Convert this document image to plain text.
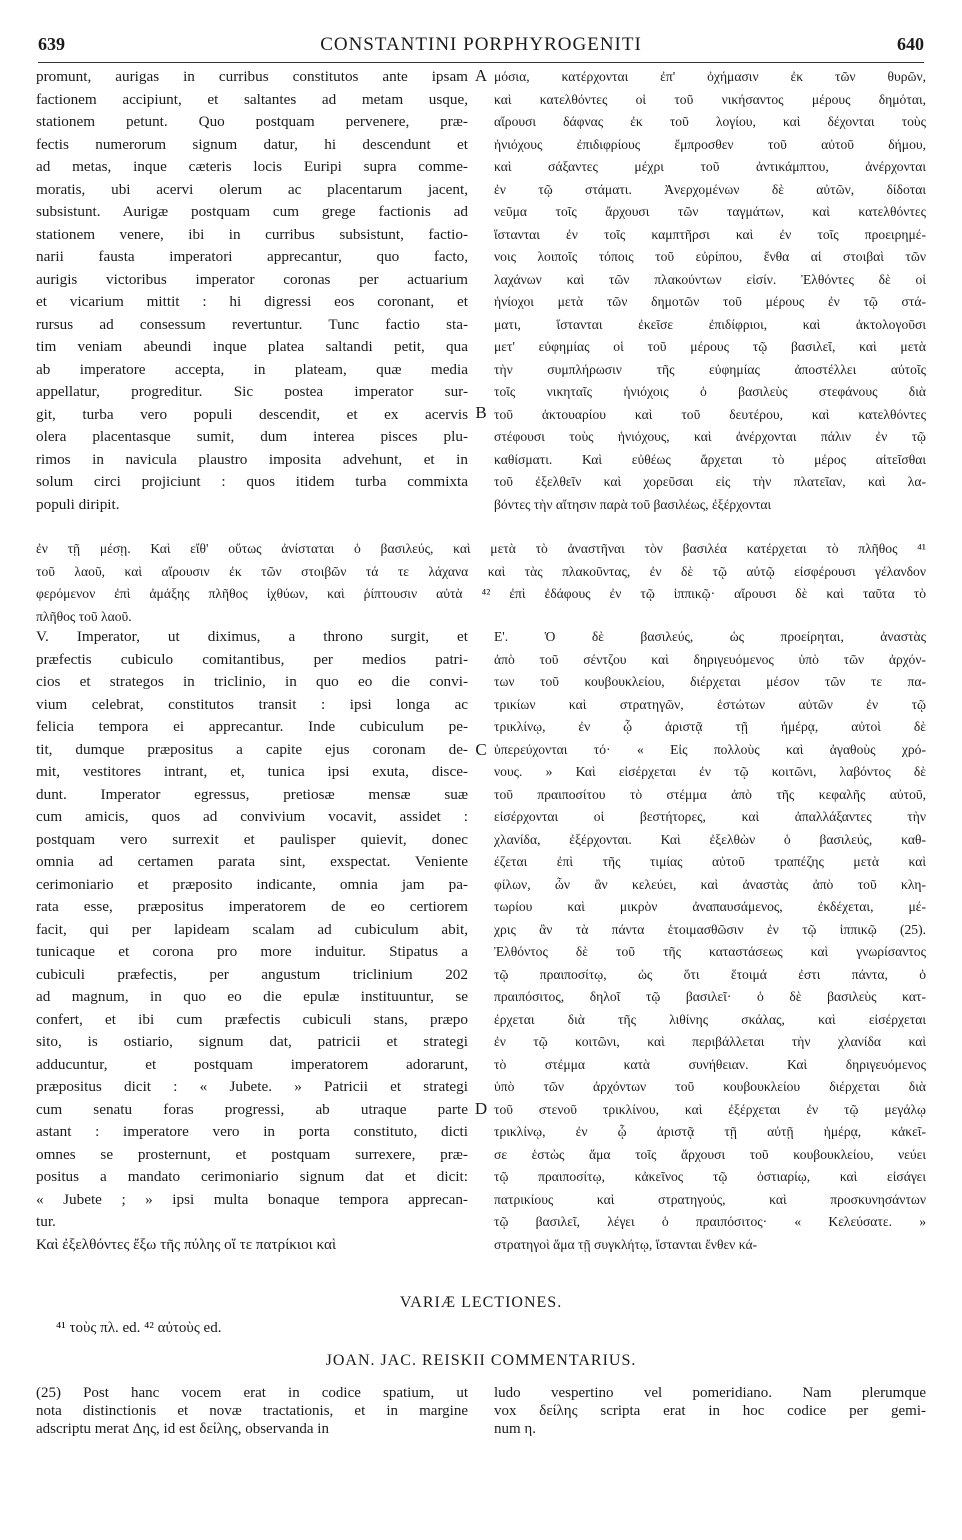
639	CONSTANTINI PORPHYROGENITI	640
promunt, aurigas in curribus constitutos ante ipsam
factionem accipiunt, et saltantes ad metam usque,
stationem petunt. Quo postquam pervenere, præ-
fectis numerorum signum datur, hi descendunt et
ad metas, inque cæteris locis Euripi supra comme-
moratis, ubi acervi olerum ac placentarum jacent,
subsistunt. Aurigæ postquam cum grege factionis ad
stationem venere, ibi in curribus subsistunt, factio-
narii fausta imperatori apprecantur, quo facto,
aurigis victoribus imperator coronas per actuarium
et vicarium mittit : hi digressi eos coronant, et
rursus ad consessum revertuntur. Tunc factio sta-
tim veniam abeundi inque platea saltandi petit, qua
ab imperatore accepta, in plateam, quæ media
appellatur, progreditur. Sic postea imperator sur-
git, turba vero populi descendit, et ex acervis
olera placentasque sumit, dum interea pisces plu-
rimos in navicula plaustro imposita advehunt, et in
solum circi projiciunt : quos itidem turba commixta
populi diripit.
μόσια, κατέρχονται ἐπ' ὀχήμασιν ἐκ τῶν θυρῶν,
καὶ κατελθόντες οἱ τοῦ νικήσαντος μέρους δημόται,
αἴρουσι δάφνας ἐκ τοῦ λογίου, καὶ δέχονται τοὺς
ἡνιόχους ἐπιδιφρίους ἔμπροσθεν τοῦ αὐτοῦ δήμου,
καὶ σάξαντες μέχρι τοῦ ἀντικάμπτου, ἀνέρχονται
ἐν τῷ στάματι. Ἀνερχομένων δὲ αὐτῶν, δίδοται
νεῦμα τοῖς ἄρχουσι τῶν ταγμάτων, καὶ κατελθόντες
ἵστανται ἐν τοῖς καμπτῆρσι καὶ ἐν τοῖς προειρημέ-
νοις λοιποῖς τόποις τοῦ εὐρίπου, ἔνθα αἱ στοιβαὶ τῶν
λαχάνων καὶ τῶν πλακούντων εἰσίν. Ἐλθόντες δὲ οἱ
ἡνίοχοι μετὰ τῶν δημοτῶν τοῦ μέρους ἐν τῷ στά-
ματι, ἵστανται ἐκεῖσε ἐπιδίφριοι, καὶ ἀκτολογοῦσι
μετ' εὐφημίας οἱ τοῦ μέρους τῷ βασιλεῖ, καὶ μετὰ
τὴν συμπλήρωσιν τῆς εὐφημίας ἀποστέλλει αὐτοῖς
τοῖς νικηταῖς ἡνιόχοις ὁ βασιλεὺς στεφάνους διὰ
τοῦ ἀκτουαρίου καὶ τοῦ δευτέρου, καὶ κατελθόντες
στέφουσι τοὺς ἡνιόχους, καὶ ἀνέρχονται πάλιν ἐν τῷ
καθίσματι. Καὶ εὐθέως ἄρχεται τὸ μέρος αἰτεῖσθαι
τοῦ ἐξελθεῖν καὶ χορεῦσαι εἰς τὴν πλατεῖαν, καὶ λα-
βόντες τὴν αἴτησιν παρὰ τοῦ βασιλέως, ἐξέρχονται
ἐν τῇ μέσῃ. Καὶ εἴθ' οὕτως ἀνίσταται ὁ βασιλεύς, καὶ μετὰ τὸ ἀναστῆναι τὸν βασιλέα κατέρχεται τὸ πλῆθος ⁴¹
τοῦ λαοῦ, καὶ αἴρουσιν ἐκ τῶν στοιβῶν τά τε λάχανα καὶ τὰς πλακοῦντας, ἐν δὲ τῷ αὐτῷ εἰσφέρουσι γέλανδον
φερόμενον ἐπὶ ἀμάξης πλῆθος ἰχθύων, καὶ ῥίπτουσιν αὐτὰ ⁴² ἐπὶ ἐδάφους ἐν τῷ ἱππικῷ· αἴρουσι δὲ καὶ ταῦτα τὸ
πλῆθος τοῦ λαοῦ.
V. Imperator, ut diximus, a throno surgit, et
præfectis cubiculo comitantibus, per medios patri-
cios et strategos in triclinio, in quo eo die convi-
vium celebrat, constitutos transit : ipsi longa ac
felicia tempora ei apprecantur. Inde cubiculum pe-
tit, dumque præpositus a capite ejus coronam de-
mit, vestitores intrant, et, tunica ipsi exuta, disce-
dunt. Imperator egressus, pretiosæ mensæ suæ
cum amicis, quos ad convivium vocavit, assidet :
postquam vero surrexit et paulisper quievit, donec
omnia ad certamen parata sint, exspectat. Veniente
cerimoniario et præposito indicante, omnia jam pa-
rata esse, præpositus imperatorem de eo certiorem
facit, qui per lapideam scalam ad cubiculum abit,
tunicaque et corona pro more induitur. Stipatus a
cubiculi præfectis, per angustum triclinium 202
ad magnum, in quo eo die epulæ instituuntur, se
confert, et ibi cum præfectis cubiculi stans, præpo
sito, is ostiario, signum dat, patricii et strategi
adducuntur, et postquam imperatorem adorarunt,
præpositus dicit : « Jubete. » Patricii et strategi
cum senatu foras progressi, ab utraque parte
astant : imperatore vero in porta constituto, dicti
omnes se prosternunt, et postquam surrexere, præ-
positus a mandato cerimoniario signum dat et dicit:
« Jubete ; » ipsi multa bonaque tempora apprecan-
tur.
Καὶ ἐξελθόντες ἔξω τῆς πύλης οἵ τε πατρίκιοι καὶ
Ε'. Ὁ δὲ βασιλεύς, ὡς προείρηται, ἀναστὰς
ἀπὸ τοῦ σέντζου καὶ δηριγευόμενος ὑπὸ τῶν ἀρχόν-
των τοῦ κουβουκλείου, διέρχεται μέσον τῶν τε πα-
τρικίων καὶ στρατηγῶν, ἑστώτων αὐτῶν ἐν τῷ
τρικλίνῳ, ἐν ᾧ ἀριστᾷ τῇ ἡμέρᾳ, αὐτοὶ δὲ
ὑπερεύχονται τό· « Εἰς πολλοὺς καὶ ἀγαθοὺς χρό-
νους. » Καὶ εἰσέρχεται ἐν τῷ κοιτῶνι, λαβόντος δὲ
τοῦ πραιποσίτου τὸ στέμμα ἀπὸ τῆς κεφαλῆς αὐτοῦ,
εἰσέρχονται οἱ βεστήτορες, καὶ ἀπαλλάξαντες τὴν
χλανίδα, ἐξέρχονται. Καὶ ἐξελθὼν ὁ βασιλεύς, καθ-
έζεται ἐπὶ τῆς τιμίας αὐτοῦ τραπέζης μετὰ καὶ
φίλων, ὧν ἂν κελεύει, καὶ ἀναστὰς ἀπὸ τοῦ κλη-
τωρίου καὶ μικρὸν ἀναπαυσάμενος, ἐκδέχεται, μέ-
χρις ἂν τὰ πάντα ἑτοιμασθῶσιν ἐν τῷ ἱππικῷ (25).
Ἐλθόντος δὲ τοῦ τῆς καταστάσεως καὶ γνωρίσαντος
τῷ πραιποσίτῳ, ὡς ὅτι ἕτοιμά ἐστι πάντα, ὁ
πραιπόσιτος, δηλοῖ τῷ βασιλεῖ· ὁ δὲ βασιλεὺς κατ-
έρχεται διὰ τῆς λιθίνης σκάλας, καὶ εἰσέρχεται
ἐν τῷ κοιτῶνι, καὶ περιβάλλεται τὴν χλανίδα καὶ
τὸ στέμμα κατὰ συνήθειαν. Καὶ δηριγευόμενος
ὑπὸ τῶν ἀρχόντων τοῦ κουβουκλείου διέρχεται διὰ
τοῦ στενοῦ τρικλίνου, καὶ ἐξέρχεται ἐν τῷ μεγάλῳ
τρικλίνῳ, ἐν ᾧ ἀριστᾷ τῇ αὐτῇ ἡμέρᾳ, κἀκεῖ-
σε ἑστὼς ἅμα τοῖς ἄρχουσι τοῦ κουβουκλείου, νεύει
τῷ πραιποσίτῳ, κἀκεῖνος τῷ ὀστιαρίῳ, καὶ εἰσάγει
πατρικίους καὶ στρατηγούς, καὶ προσκυνησάντων
τῷ βασιλεῖ, λέγει ὁ πραιπόσιτος· « Κελεύσατε. »
στρατηγοὶ ἅμα τῇ συγκλήτῳ, ἵστανται ἔνθεν κά-
A
B
C
D
VARIÆ LECTIONES.
⁴¹ τοὺς πλ. ed. ⁴² αὐτοὺς ed.
JOAN. JAC. REISKII COMMENTARIUS.
(25) Post hanc vocem erat in codice spatium, ut
nota distinctionis et novæ tractationis, et in margine
adscriptu merat Δης, id est δείλης, observanda in
ludo vespertino vel pomeridiano. Nam plerumque
vox δείλης scripta erat in hoc codice per gemi-
num η.
